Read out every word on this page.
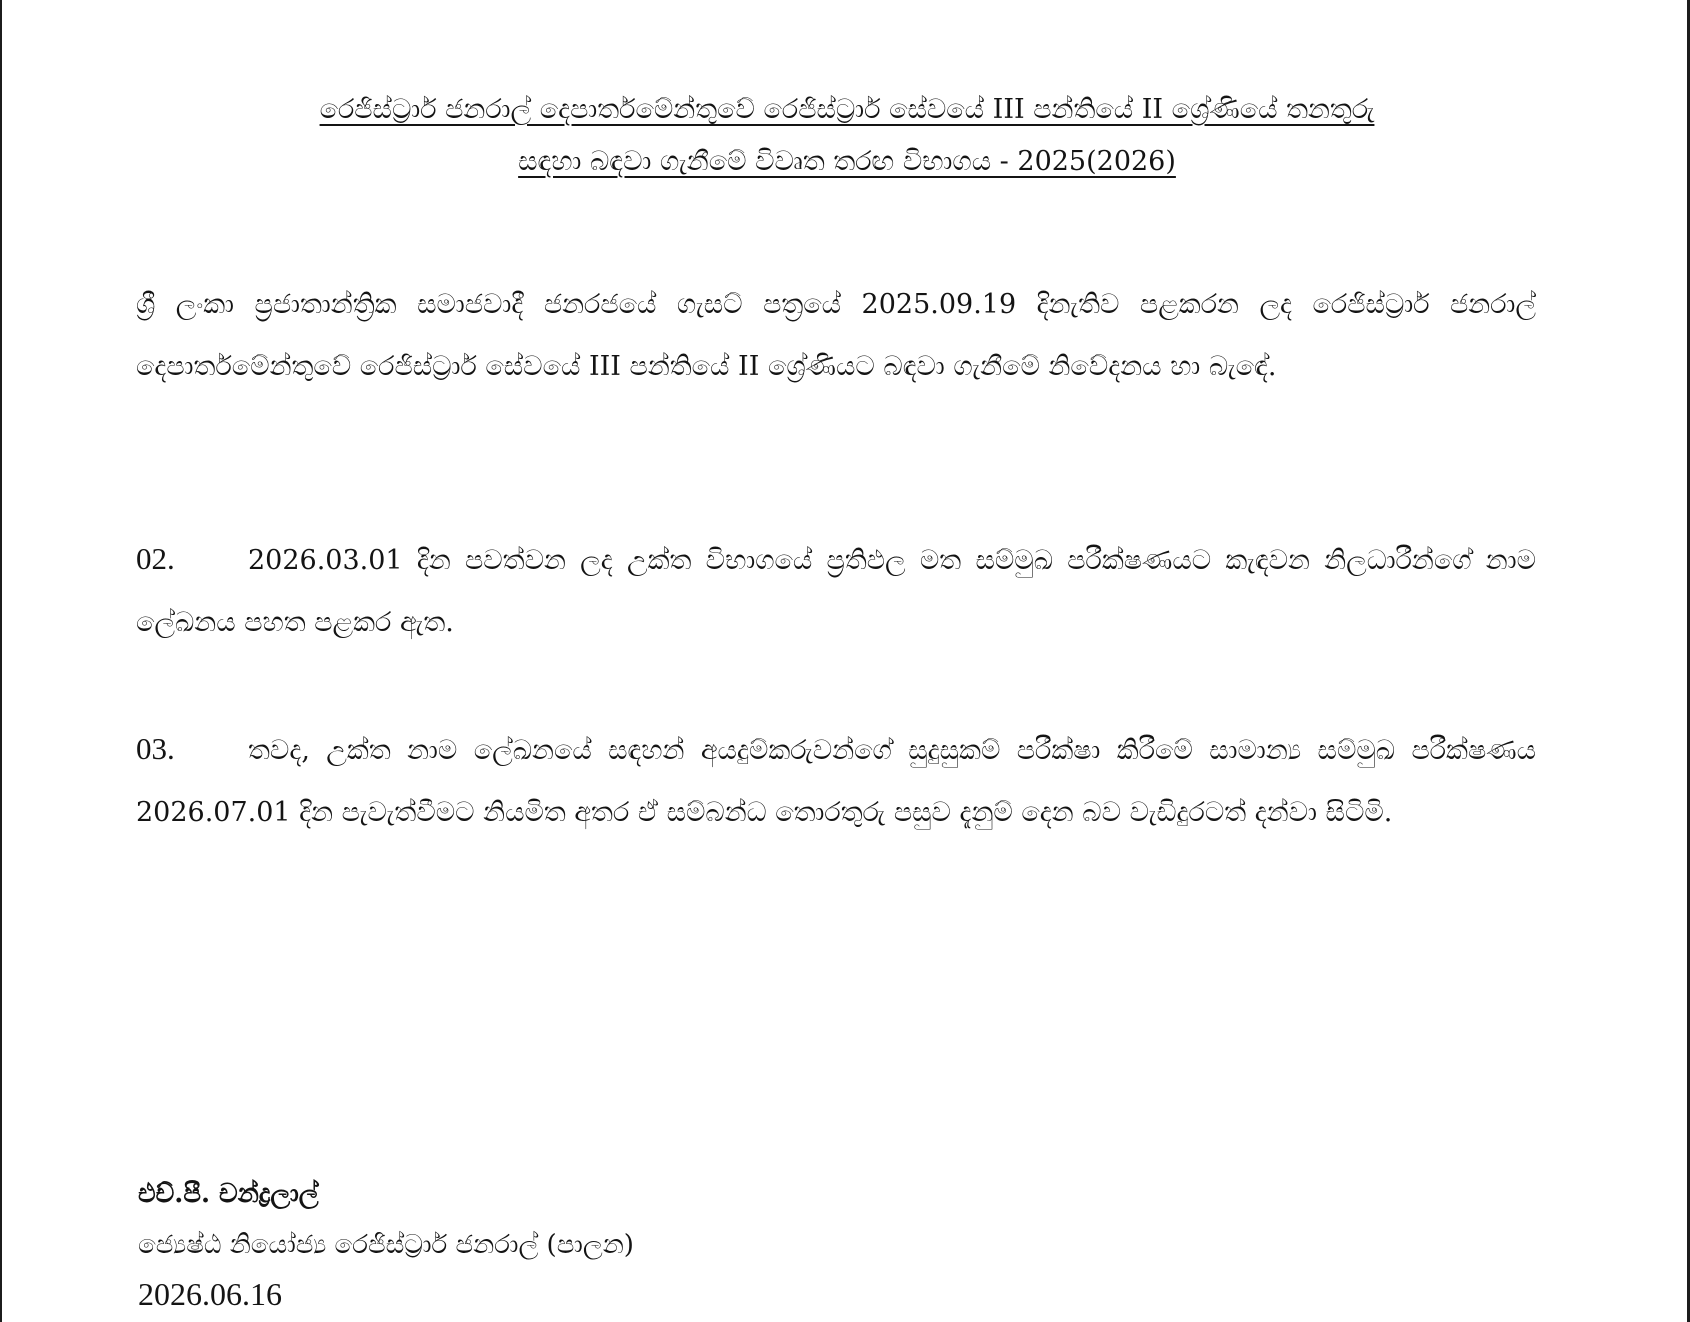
රෙජිස්ට්‍රාර් ජනරාල් දෙපාර්තමේන්තුවේ රෙජිස්ට්‍රාර් සේවයේ III පන්තියේ II ශ්‍රේණියේ තනතුරු
සඳහා බඳවා ගැනීමේ විවෘත තරඟ විභාගය - 2025(2026)
ශ්‍රී ලංකා ප්‍රජාතාන්ත්‍රික සමාජවාදී ජනරජයේ ගැසට් පත්‍රයේ 2025.09.19 දිනැතිව පළකරන ලද රෙජිස්ට්‍රාර් ජනරාල් දෙපාර්තමේන්තුවේ රෙජිස්ට්‍රාර් සේවයේ III පන්තියේ II ශ්‍රේණියට බඳවා ගැනීමේ නිවේදනය හා බැඳේ.
02.	2026.03.01 දින පවත්වන ලද උක්ත විභාගයේ ප්‍රතිඵල මත සම්මුඛ පරීක්ෂණයට කැඳවන නිලධාරීන්ගේ නාම ලේඛනය පහත පළකර ඇත.
03.	තවද, උක්ත නාම ලේඛනයේ සඳහන් අයදුම්කරුවන්ගේ සුදුසුකම් පරීක්ෂා කිරීමේ සාමාන්‍ය සම්මුඛ පරීක්ෂණය 2026.07.01 දින පැවැත්වීමට නියමිත අතර ඒ සම්බන්ධ තොරතුරු පසුව දැනුම් දෙන බව වැඩිදුරටත් දන්වා සිටිමි.
එච්.පී. චන්ද්‍රලාල්
ජ්‍යෙෂ්ඨ නියෝජ්‍ය රෙජිස්ට්‍රාර් ජනරාල් (පාලන)
2026.06.16
